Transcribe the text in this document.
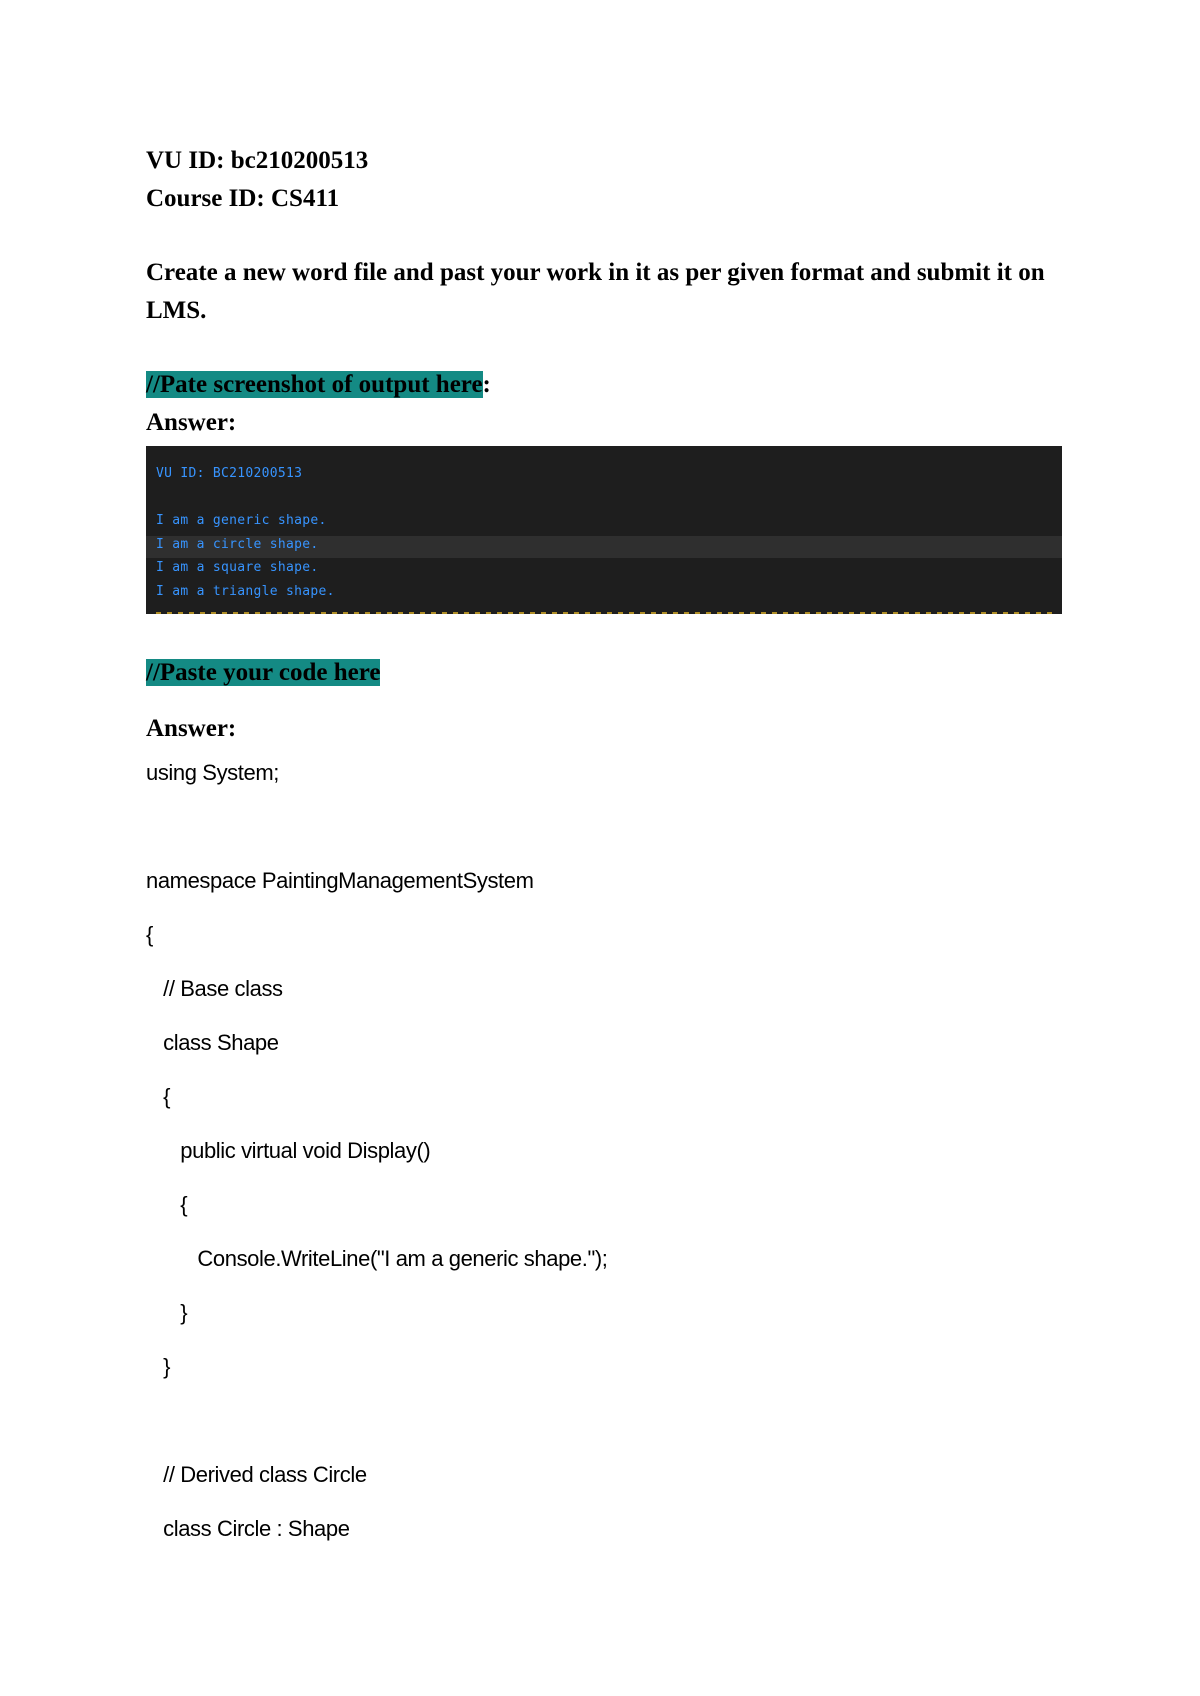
VU ID: bc210200513

Course ID: CS411

Create a new word file and past your work in it as per given format and submit it on LMS.

//Pate screenshot of output here:

Answer:

VU ID: BC210200513
I am a generic shape.
I am a circle shape.
I am a square shape.
I am a triangle shape.

//Paste your code here

Answer:

using System;
namespace PaintingManagementSystem
{
// Base class
class Shape
{
public virtual void Display()
{
Console.WriteLine("I am a generic shape.");
}
}
// Derived class Circle
class Circle : Shape
